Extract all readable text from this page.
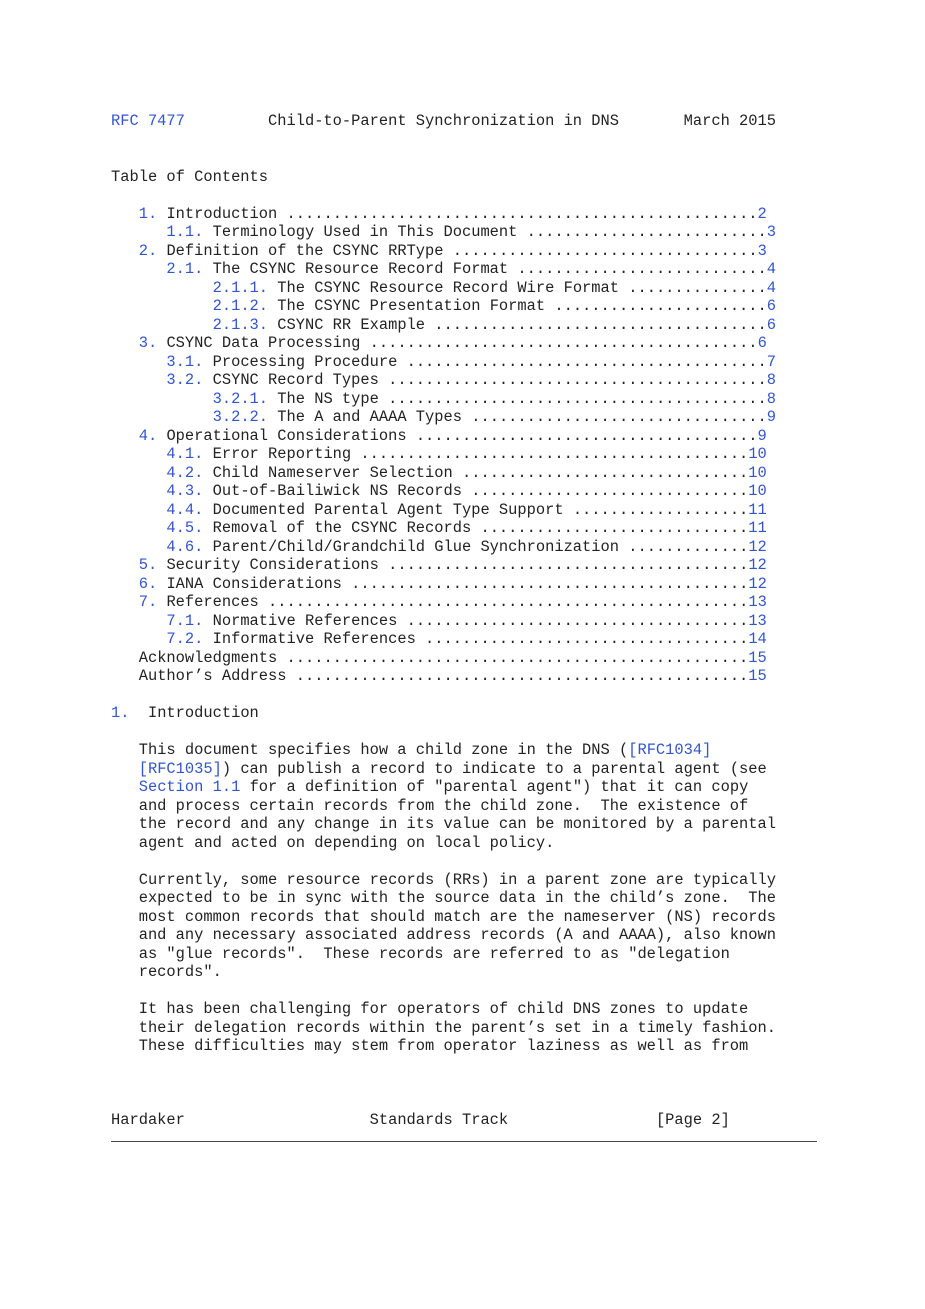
RFC 7477	Child-to-Parent Synchronization in DNS	March 2015
Table of Contents
1. Introduction ...................................................2
1.1. Terminology Used in This Document ..........................3
2. Definition of the CSYNC RRType .................................3
2.1. The CSYNC Resource Record Format ...........................4
2.1.1. The CSYNC Resource Record Wire Format ...............4
2.1.2. The CSYNC Presentation Format .......................6
2.1.3. CSYNC RR Example ....................................6
3. CSYNC Data Processing ..........................................6
3.1. Processing Procedure .......................................7
3.2. CSYNC Record Types .........................................8
3.2.1. The NS type .........................................8
3.2.2. The A and AAAA Types ................................9
4. Operational Considerations .....................................9
4.1. Error Reporting ..........................................10
4.2. Child Nameserver Selection ...............................10
4.3. Out-of-Bailiwick NS Records ..............................10
4.4. Documented Parental Agent Type Support ...................11
4.5. Removal of the CSYNC Records .............................11
4.6. Parent/Child/Grandchild Glue Synchronization .............12
5. Security Considerations .......................................12
6. IANA Considerations ...........................................12
7. References ....................................................13
7.1. Normative References .....................................13
7.2. Informative References ...................................14
Acknowledgments ..................................................15
Author’s Address .................................................15
1.  Introduction
This document specifies how a child zone in the DNS ([RFC1034]
[RFC1035]) can publish a record to indicate to a parental agent (see
Section 1.1 for a definition of "parental agent") that it can copy
and process certain records from the child zone.  The existence of
the record and any change in its value can be monitored by a parental
agent and acted on depending on local policy.
Currently, some resource records (RRs) in a parent zone are typically
expected to be in sync with the source data in the child’s zone.  The
most common records that should match are the nameserver (NS) records
and any necessary associated address records (A and AAAA), also known
as "glue records".  These records are referred to as "delegation
records".
It has been challenging for operators of child DNS zones to update
their delegation records within the parent’s set in a timely fashion.
These difficulties may stem from operator laziness as well as from
Hardaker	Standards Track	[Page 2]
